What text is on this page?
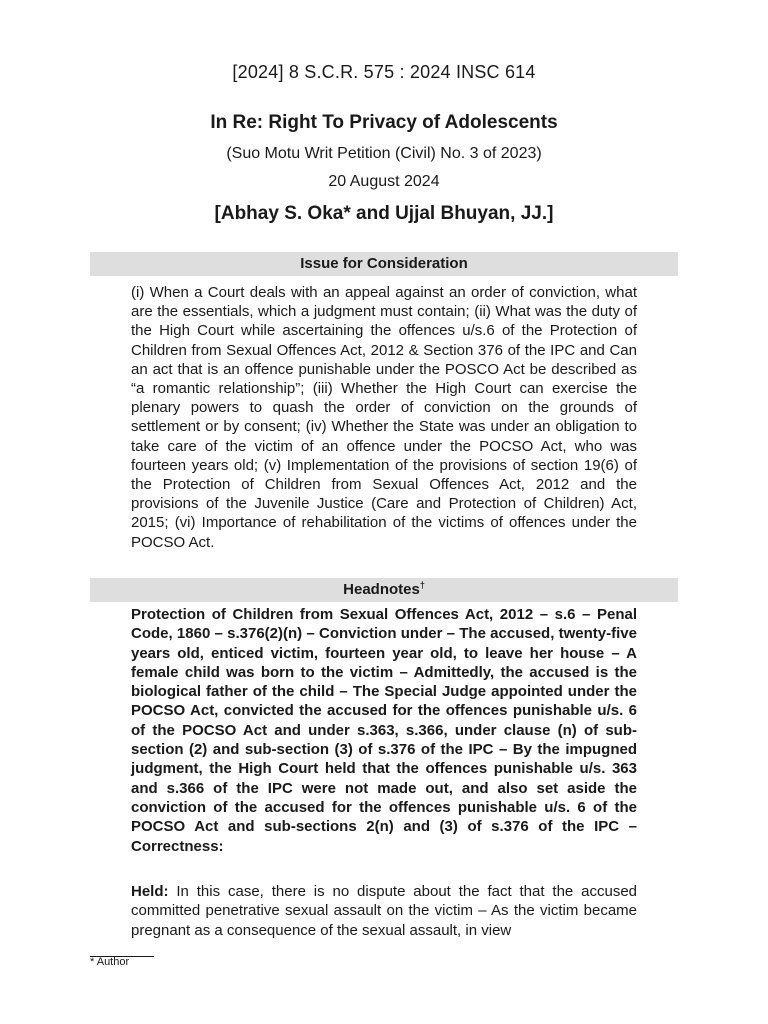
[2024] 8 S.C.R. 575 : 2024 INSC 614
In Re: Right To Privacy of Adolescents
(Suo Motu Writ Petition (Civil) No. 3 of 2023)
20 August 2024
[Abhay S. Oka* and Ujjal Bhuyan, JJ.]
Issue for Consideration
(i) When a Court deals with an appeal against an order of conviction, what are the essentials, which a judgment must contain; (ii) What was the duty of the High Court while ascertaining the offences u/s.6 of the Protection of Children from Sexual Offences Act, 2012 & Section 376 of the IPC and Can an act that is an offence punishable under the POSCO Act be described as “a romantic relationship”; (iii) Whether the High Court can exercise the plenary powers to quash the order of conviction on the grounds of settlement or by consent; (iv) Whether the State was under an obligation to take care of the victim of an offence under the POCSO Act, who was fourteen years old; (v) Implementation of the provisions of section 19(6) of the Protection of Children from Sexual Offences Act, 2012 and the provisions of the Juvenile Justice (Care and Protection of Children) Act, 2015; (vi) Importance of rehabilitation of the victims of offences under the POCSO Act.
Headnotes†
Protection of Children from Sexual Offences Act, 2012 – s.6 – Penal Code, 1860 – s.376(2)(n) – Conviction under – The accused, twenty-five years old, enticed victim, fourteen year old, to leave her house – A female child was born to the victim – Admittedly, the accused is the biological father of the child – The Special Judge appointed under the POCSO Act, convicted the accused for the offences punishable u/s. 6 of the POCSO Act and under s.363, s.366, under clause (n) of sub-section (2) and sub-section (3) of s.376 of the IPC – By the impugned judgment, the High Court held that the offences punishable u/s. 363 and s.366 of the IPC were not made out, and also set aside the conviction of the accused for the offences punishable u/s. 6 of the POCSO Act and sub-sections 2(n) and (3) of s.376 of the IPC – Correctness:
Held: In this case, there is no dispute about the fact that the accused committed penetrative sexual assault on the victim – As the victim became pregnant as a consequence of the sexual assault, in view
* Author
